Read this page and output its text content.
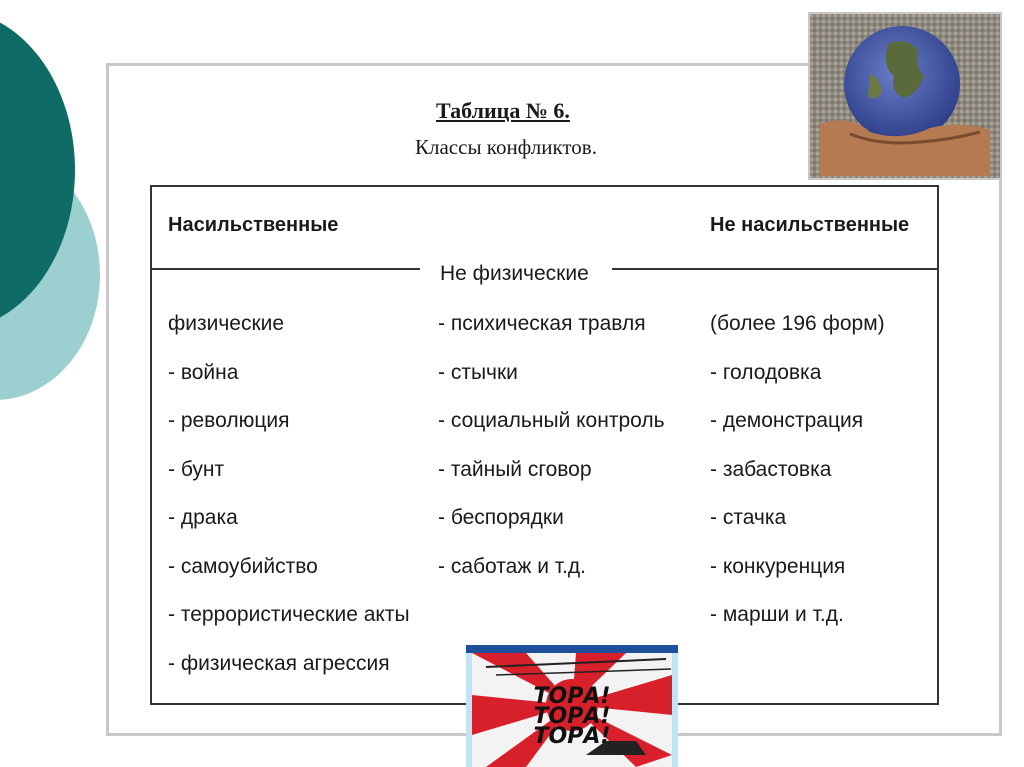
Таблица № 6.
Классы конфликтов.
Насильственные	Не насильственные
Не физические
физические
- война
- революция
- бунт
- драка
- самоубийство
- террористические акты
- физическая агрессия
- психическая травля
- стычки
- социальный контроль
- тайный сговор
- беспорядки
- саботаж и т.д.
(более 196 форм)
- голодовка
- демонстрация
- забастовка
- стачка
- конкуренция
- марши и т.д.
ТОРА!
ТОРА!
ТОРА!
